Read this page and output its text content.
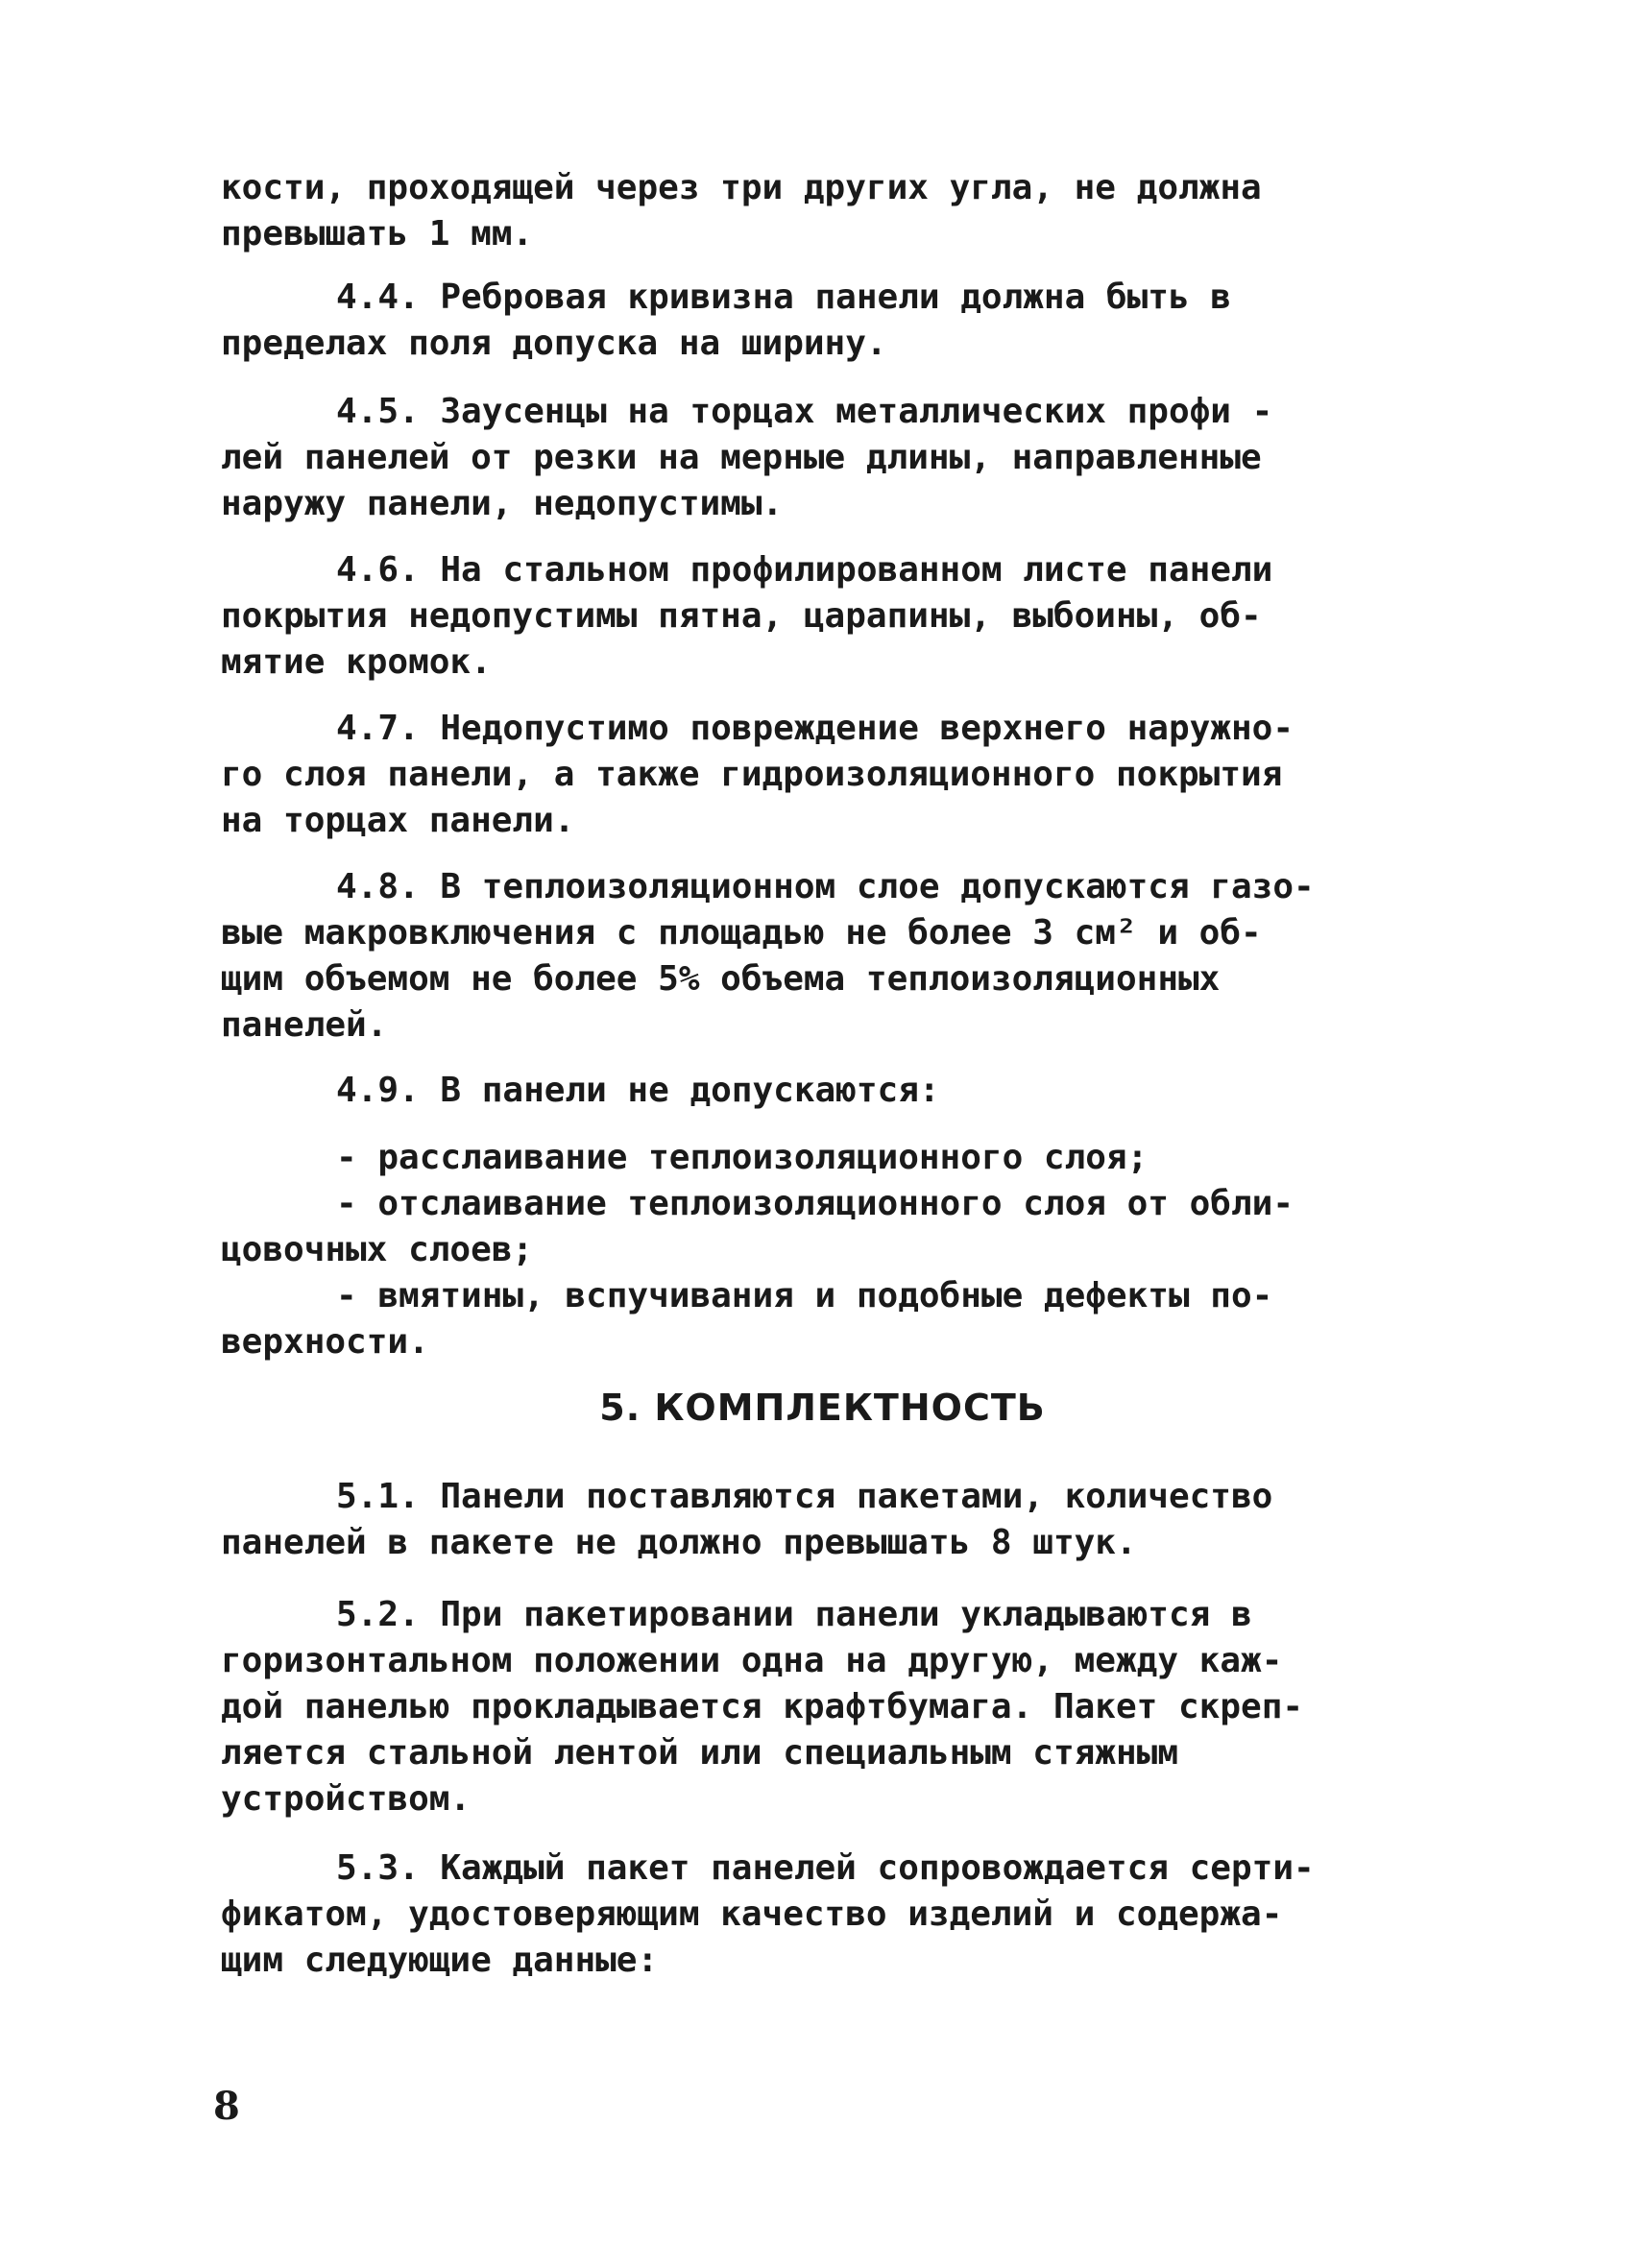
кости, проходящей через три других угла, не должна
превышать 1 мм.
4.4. Ребровая кривизна панели должна быть в
пределах поля допуска на ширину.
4.5. Заусенцы на торцах металлических профи -
лей панелей от резки на мерные длины, направленные
наружу панели, недопустимы.
4.6. На стальном профилированном листе панели
покрытия недопустимы пятна, царапины, выбоины, об-
мятие кромок.
4.7. Недопустимо повреждение верхнего наружно-
го слоя панели, а также гидроизоляционного покрытия
на торцах панели.
4.8. В теплоизоляционном слое допускаются газо-
вые макровключения с площадью не более 3 см² и об-
щим объемом не более 5% объема теплоизоляционных
панелей.
4.9. В панели не допускаются:
- расслаивание теплоизоляционного слоя;
- отслаивание теплоизоляционного слоя от обли-
цовочных слоев;
- вмятины, вспучивания и подобные дефекты по-
верхности.
5. КОМПЛЕКТНОСТЬ
5.1. Панели поставляются пакетами, количество
панелей в пакете не должно превышать 8 штук.
5.2. При пакетировании панели укладываются в
горизонтальном положении одна на другую, между каж-
дой панелью прокладывается крафтбумага. Пакет скреп-
ляется стальной лентой или специальным стяжным
устройством.
5.3. Каждый пакет панелей сопровождается серти-
фикатом, удостоверяющим качество изделий и содержа-
щим следующие данные:
8
